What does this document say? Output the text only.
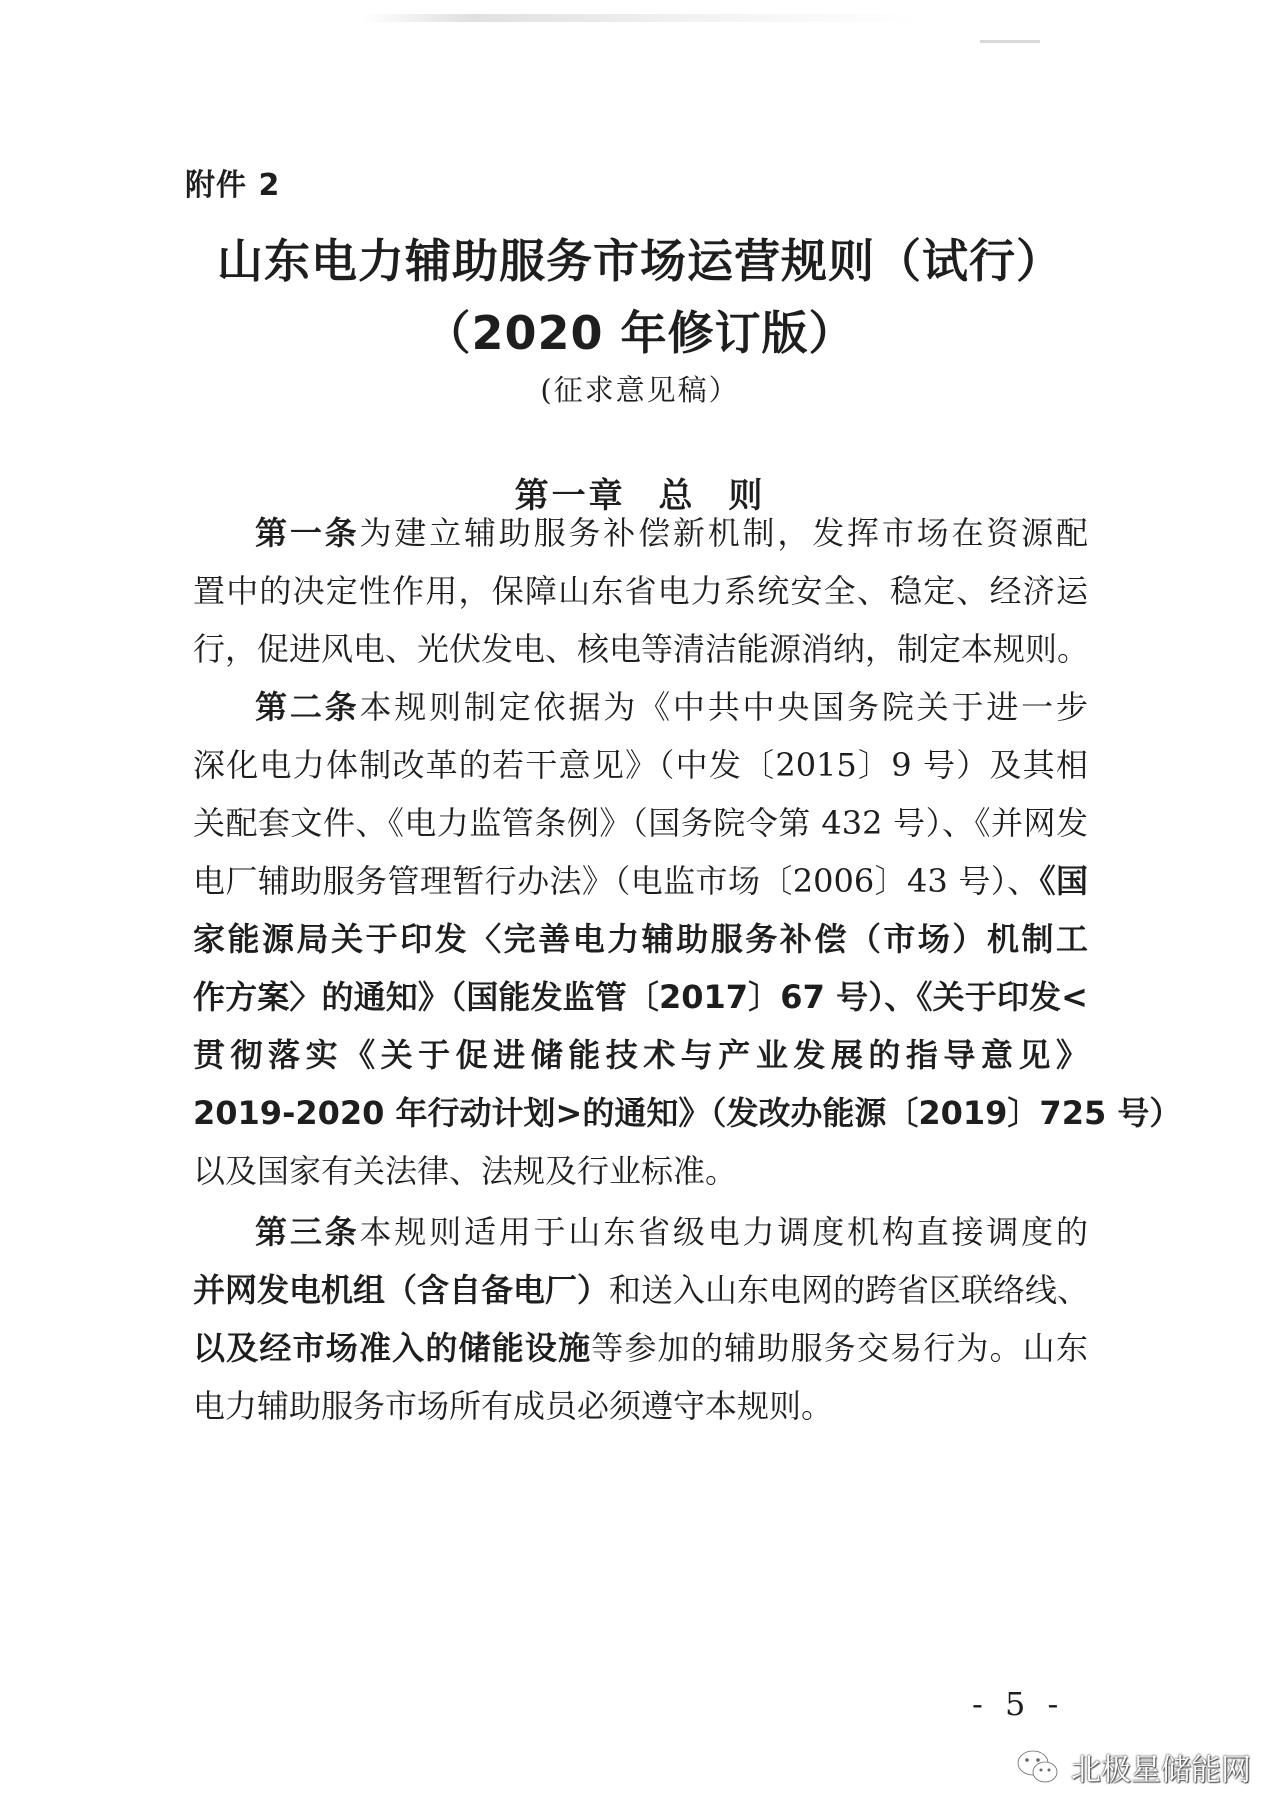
附件 2
山东电力辅助服务市场运营规则（试行）
（2020 年修订版）
(征求意见稿）
第一章 总 则
第一条为建立辅助服务补偿新机制，发挥市场在资源配
置中的决定性作用，保障山东省电力系统安全、稳定、经济运
行，促进风电、光伏发电、核电等清洁能源消纳，制定本规则。
第二条本规则制定依据为《中共中央国务院关于进一步
深化电力体制改革的若干意见》（中发〔2015〕9 号）及其相
关配套文件、《电力监管条例》（国务院令第 432 号）、《并网发
电厂辅助服务管理暂行办法》（电监市场〔2006〕43 号）、《国
家能源局关于印发〈完善电力辅助服务补偿（市场）机制工
作方案〉的通知》（国能发监管〔2017〕67 号）、《关于印发<
贯彻落实《关于促进储能技术与产业发展的指导意见》
2019-2020 年行动计划>的通知》（发改办能源〔2019〕725 号）
以及国家有关法律、法规及行业标准。
第三条本规则适用于山东省级电力调度机构直接调度的
并网发电机组（含自备电厂）和送入山东电网的跨省区联络线、
以及经市场准入的储能设施等参加的辅助服务交易行为。山东
电力辅助服务市场所有成员必须遵守本规则。
- 5 -
北极星储能网
